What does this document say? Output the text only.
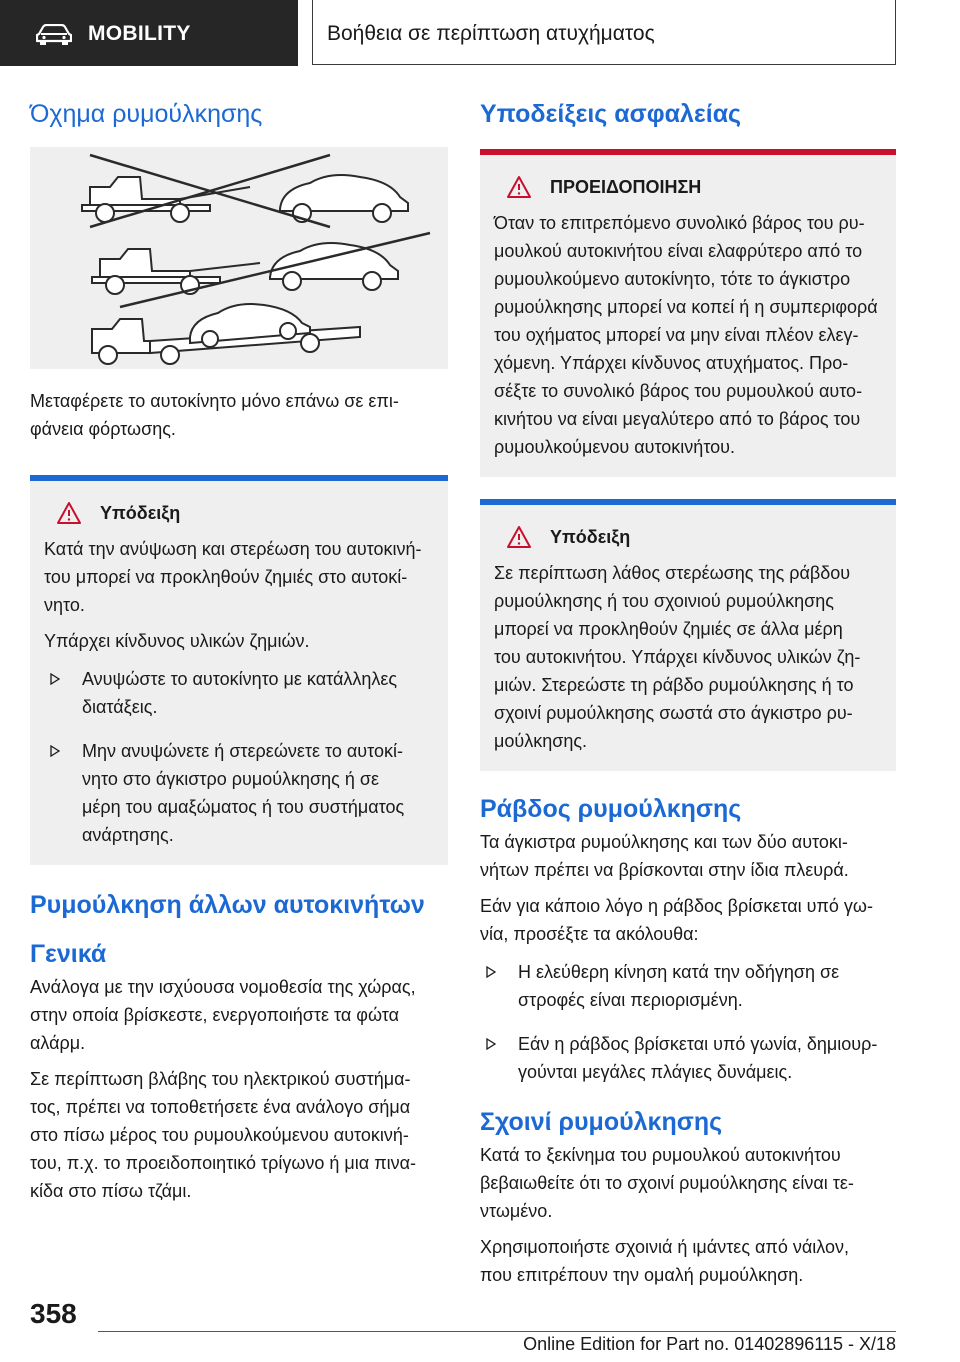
MOBILITY	Βοήθεια σε περίπτωση ατυχήματος
Όχημα ρυμούλκησης

Μεταφέρετε το αυτοκίνητο μόνο επάνω σε επι-φάνεια φόρτωσης.

Υπόδειξη

Κατά την ανύψωση και στερέωση του αυτοκινή-

του μπορεί να προκληθούν ζημιές στο αυτοκί-

νητο.

Υπάρχει κίνδυνος υλικών ζημιών.

Ανυψώστε το αυτοκίνητο με κατάλληλες
διατάξεις.
Μην ανυψώνετε ή στερεώνετε το αυτοκί-
νητο στο άγκιστρο ρυμούλκησης ή σε
μέρη του αμαξώματος ή του συστήματος
ανάρτησης.
Ρυμούλκηση άλλων αυτοκινήτων
Γενικά

Ανάλογα με την ισχύουσα νομοθεσία της χώρας,

στην οποία βρίσκεστε, ενεργοποιήστε τα φώτα

αλάρμ.

Σε περίπτωση βλάβης του ηλεκτρικού συστήμα-

τος, πρέπει να τοποθετήσετε ένα ανάλογο σήμα

στο πίσω μέρος του ρυμουλκούμενου αυτοκινή-

του, π.χ. το προειδοποιητικό τρίγωνο ή μια πινα-

κίδα στο πίσω τζάμι.

Υποδείξεις ασφαλείας
ΠΡΟΕΙΔΟΠΟΙΗΣΗ

Όταν το επιτρεπόμενο συνολικό βάρος του ρυ-

μουλκού αυτοκινήτου είναι ελαφρύτερο από το

ρυμουλκούμενο αυτοκίνητο, τότε το άγκιστρο

ρυμούλκησης μπορεί να κοπεί ή η συμπεριφορά

του οχήματος μπορεί να μην είναι πλέον ελεγ-

χόμενη. Υπάρχει κίνδυνος ατυχήματος. Προ-

σέξτε το συνολικό βάρος του ρυμουλκού αυτο-

κινήτου να είναι μεγαλύτερο από το βάρος του

ρυμουλκούμενου αυτοκινήτου.

Υπόδειξη

Σε περίπτωση λάθος στερέωσης της ράβδου

ρυμούλκησης ή του σχοινιού ρυμούλκησης

μπορεί να προκληθούν ζημιές σε άλλα μέρη

του αυτοκινήτου. Υπάρχει κίνδυνος υλικών ζη-

μιών. Στερεώστε τη ράβδο ρυμούλκησης ή το

σχοινί ρυμούλκησης σωστά στο άγκιστρο ρυ-

μούλκησης.

Ράβδος ρυμούλκησης

Τα άγκιστρα ρυμούλκησης και των δύο αυτοκι-

νήτων πρέπει να βρίσκονται στην ίδια πλευρά.

Εάν για κάποιο λόγο η ράβδος βρίσκεται υπό γω-

νία, προσέξτε τα ακόλουθα:

Η ελεύθερη κίνηση κατά την οδήγηση σε
στροφές είναι περιορισμένη.
Εάν η ράβδος βρίσκεται υπό γωνία, δημιουρ-
γούνται μεγάλες πλάγιες δυνάμεις.
Σχοινί ρυμούλκησης

Κατά το ξεκίνημα του ρυμουλκού αυτοκινήτου

βεβαιωθείτε ότι το σχοινί ρυμούλκησης είναι τε-

ντωμένο.

Χρησιμοποιήστε σχοινιά ή ιμάντες από νάιλον,

που επιτρέπουν την ομαλή ρυμούλκηση.

358
Online Edition for Part no. 01402896115 - X/18
